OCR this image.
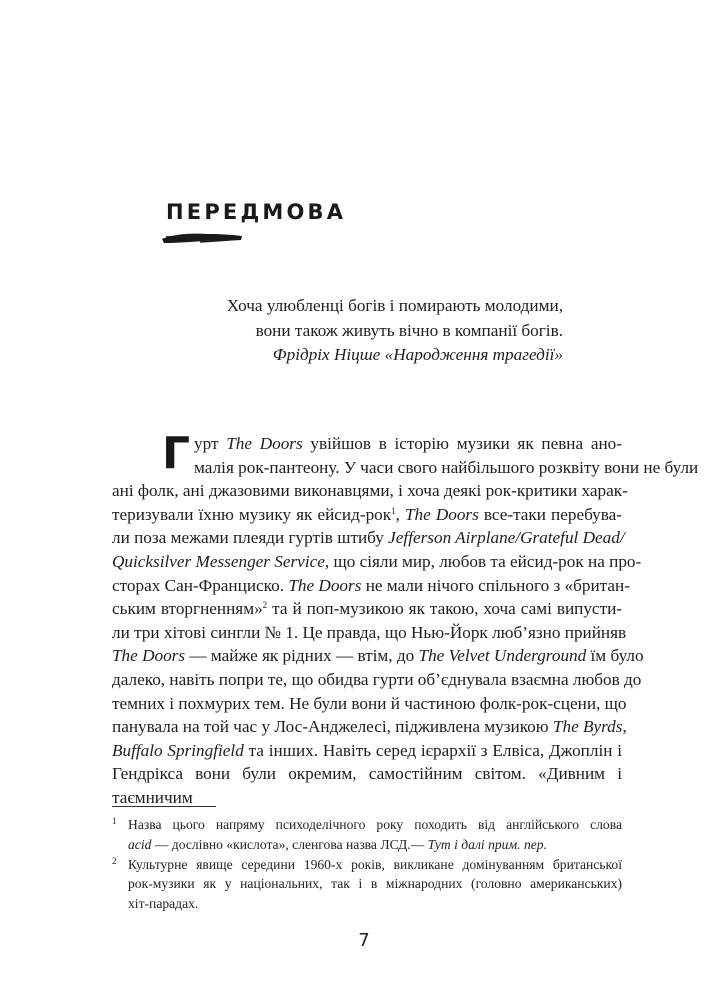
ПЕРЕДМОВА
Хоча улюбленці богів і помирають молодими,
вони також живуть вічно в компанії богів.
Фрідріх Ніцше «Народження трагедії»
Г урт The Doors увійшов в історію музики як певна ано-
малія рок-пантеону. У часи свого найбільшого розквіту вони не були
ані фолк, ані джазовими виконавцями, і хоча деякі рок-критики харак-
теризували їхню музику як ейсид-рок$^1$, The Doors все-таки перебува-
ли поза межами плеяди гуртів штибу Jefferson Airplane/Grateful Dead/
Quicksilver Messenger Service, що сіяли мир, любов та ейсид-рок на про-
сторах Сан-Франциско. The Doors не мали нічого спільного з «британ-
ським вторгненням»$^2$ та й поп-музикою як такою, хоча самі випусти-
ли три хітові сингли № 1. Це правда, що Нью-Йорк люб’язно прийняв
The Doors — майже як рідних — втім, до The Velvet Underground їм було
далеко, навіть попри те, що обидва гурти об’єднувала взаємна любов до
темних і похмурих тем. Не були вони й частиною фолк-рок-сцени, що
панувала на той час у Лос-Анджелесі, підживлена музикою The Byrds,
Buffalo Springfield та інших. Навіть серед ієрархії з Елвіса, Джоплін і Гендрікса вони були окремим, самостійним світом. «Дивним і таємничим
1 Назва цього напряму психоделічного року походить від англійського слова
acid — дослівно «кислота», сленгова назва ЛСД.— Тут і далі прим. пер.
2 Культурне явище середини 1960-х років, викликане домінуванням британської
рок-музики як у національних, так і в міжнародних (головно американських)
хіт-парадах.
7
